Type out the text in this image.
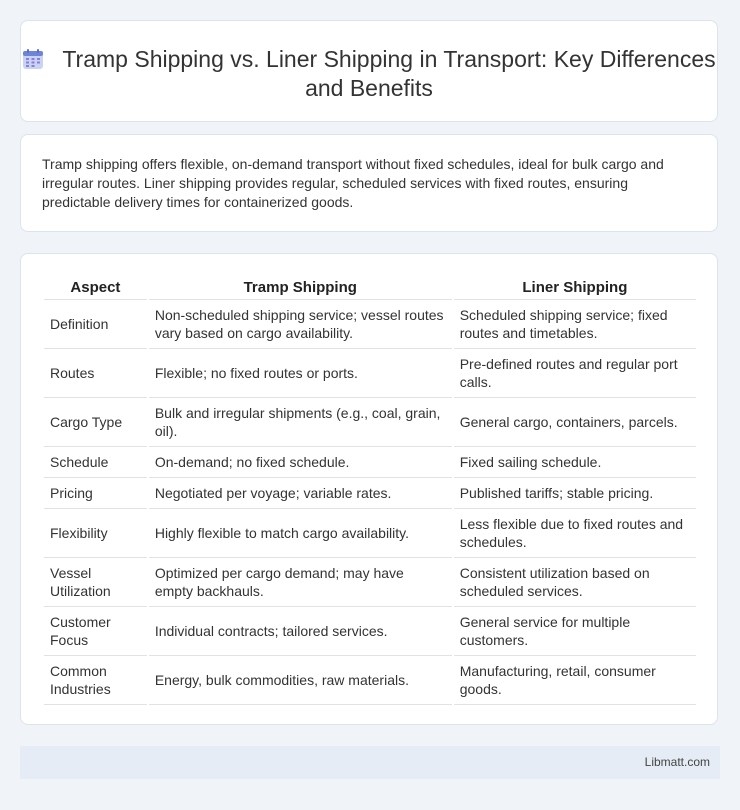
Tramp Shipping vs. Liner Shipping in Transport: Key Differences and Benefits
Tramp shipping offers flexible, on-demand transport without fixed schedules, ideal for bulk cargo and irregular routes. Liner shipping provides regular, scheduled services with fixed routes, ensuring predictable delivery times for containerized goods.
Aspect	Tramp Shipping	Liner Shipping
Definition	Non-scheduled shipping service; vessel routes vary based on cargo availability.	Scheduled shipping service; fixed routes and timetables.
Routes	Flexible; no fixed routes or ports.	Pre-defined routes and regular port calls.
Cargo Type	Bulk and irregular shipments (e.g., coal, grain, oil).	General cargo, containers, parcels.
Schedule	On-demand; no fixed schedule.	Fixed sailing schedule.
Pricing	Negotiated per voyage; variable rates.	Published tariffs; stable pricing.
Flexibility	Highly flexible to match cargo availability.	Less flexible due to fixed routes and schedules.
Vessel Utilization	Optimized per cargo demand; may have empty backhauls.	Consistent utilization based on scheduled services.
Customer Focus	Individual contracts; tailored services.	General service for multiple customers.
Common Industries	Energy, bulk commodities, raw materials.	Manufacturing, retail, consumer goods.
Libmatt.com
